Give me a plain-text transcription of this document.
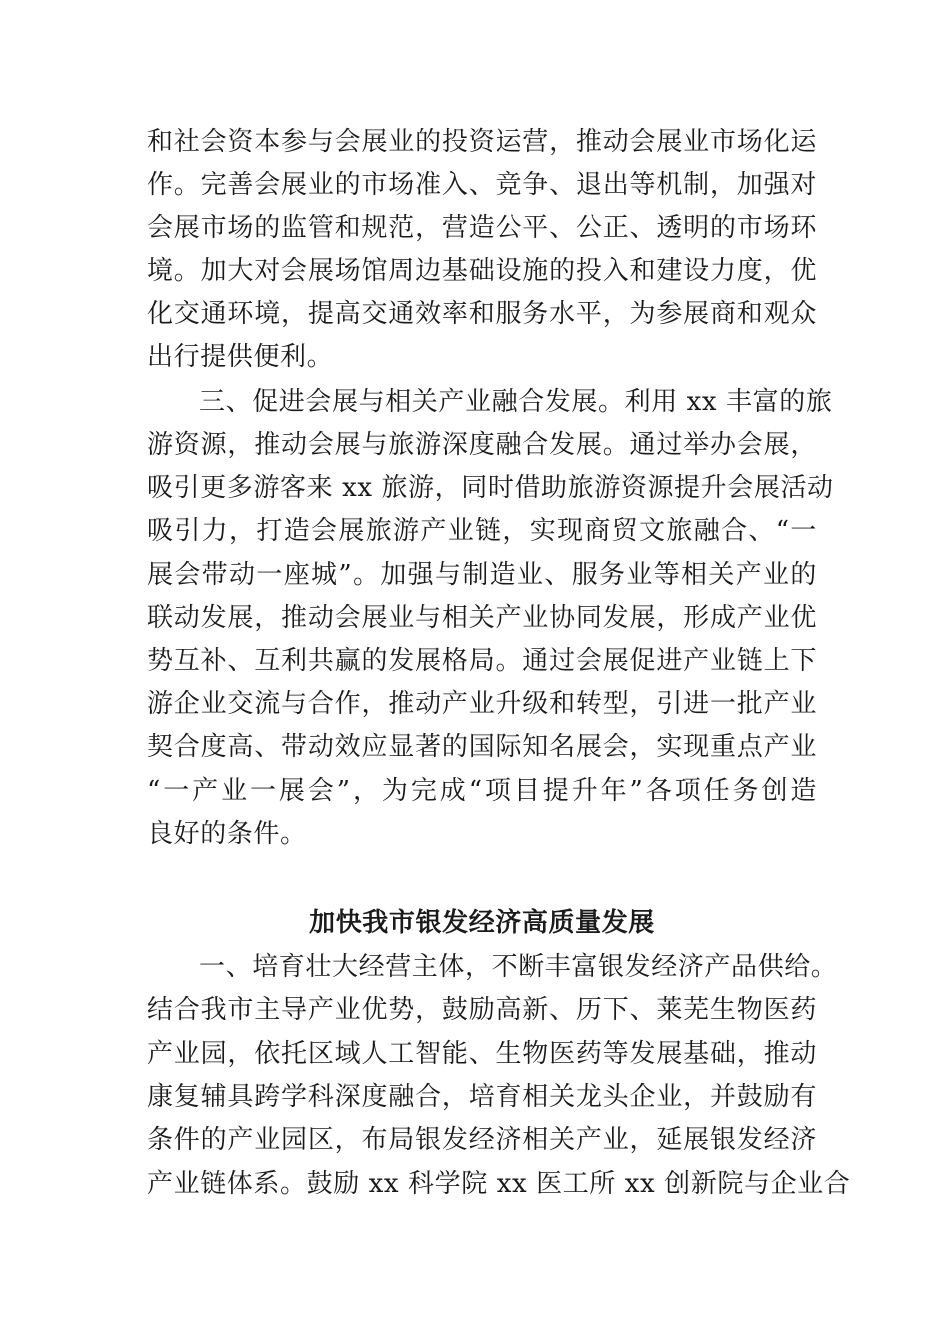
和社会资本参与会展业的投资运营，推动会展业市场化运
作。完善会展业的市场准入、竞争、退出等机制，加强对
会展市场的监管和规范，营造公平、公正、透明的市场环
境。加大对会展场馆周边基础设施的投入和建设力度，优
化交通环境，提高交通效率和服务水平，为参展商和观众
出行提供便利。
三、促进会展与相关产业融合发展。利用 xx 丰富的旅
游资源，推动会展与旅游深度融合发展。通过举办会展，
吸引更多游客来 xx 旅游，同时借助旅游资源提升会展活动
吸引力，打造会展旅游产业链，实现商贸文旅融合、“一
展会带动一座城”。加强与制造业、服务业等相关产业的
联动发展，推动会展业与相关产业协同发展，形成产业优
势互补、互利共赢的发展格局。通过会展促进产业链上下
游企业交流与合作，推动产业升级和转型，引进一批产业
契合度高、带动效应显著的国际知名展会，实现重点产业
“一产业一展会”，为完成“项目提升年”各项任务创造
良好的条件。
加快我市银发经济高质量发展
一、培育壮大经营主体，不断丰富银发经济产品供给。
结合我市主导产业优势，鼓励高新、历下、莱芜生物医药
产业园，依托区域人工智能、生物医药等发展基础，推动
康复辅具跨学科深度融合，培育相关龙头企业，并鼓励有
条件的产业园区，布局银发经济相关产业，延展银发经济
产业链体系。鼓励 xx 科学院 xx 医工所 xx 创新院与企业合
